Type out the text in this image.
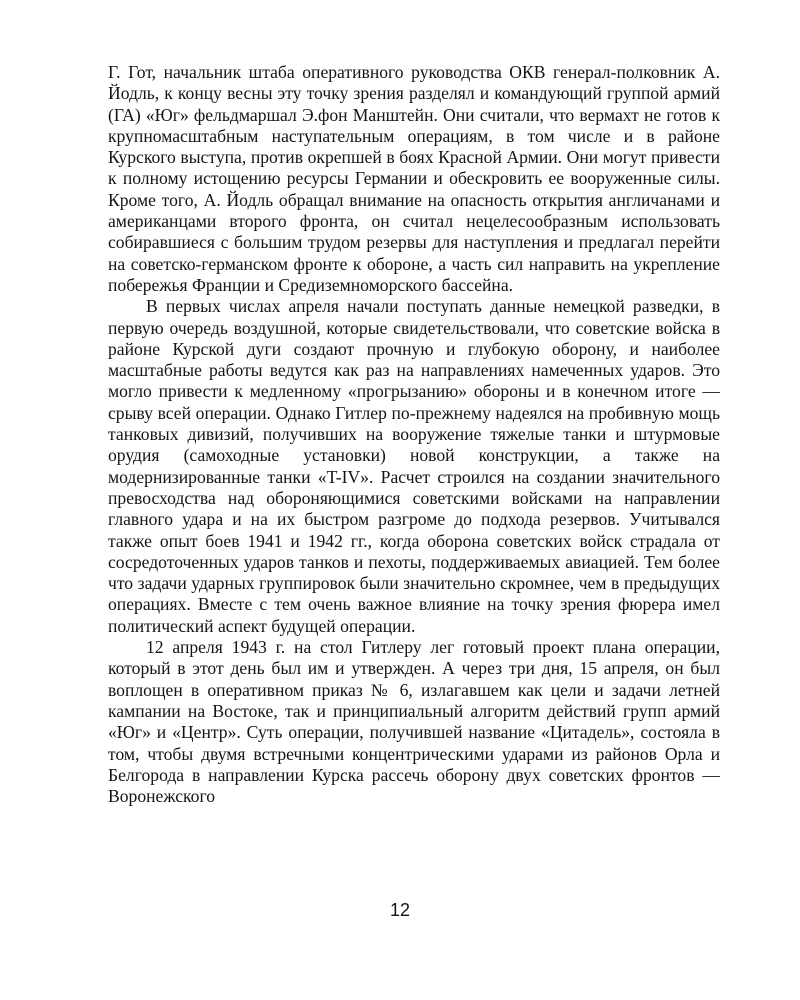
Г. Гот, начальник штаба оперативного руководства ОКВ генерал-полковник А. Йодль, к концу весны эту точку зрения разделял и командующий группой армий (ГА) «Юг» фельдмаршал Э.фон Манштейн. Они считали, что вермахт не готов к крупномасштабным наступательным операциям, в том числе и в районе Курского выступа, против окрепшей в боях Красной Армии. Они могут привести к полному истощению ресурсы Германии и обескровить ее вооруженные силы. Кроме того, А. Йодль обращал внимание на опасность открытия англичанами и американцами второго фронта, он считал нецелесообразным использовать собиравшиеся с большим трудом резервы для наступления и предлагал перейти на советско-германском фронте к обороне, а часть сил направить на укрепление побережья Франции и Средиземноморского бассейна.

В первых числах апреля начали поступать данные немецкой разведки, в первую очередь воздушной, которые свидетельствовали, что советские войска в районе Курской дуги создают прочную и глубокую оборону, и наиболее масштабные работы ведутся как раз на направлениях намеченных ударов. Это могло привести к медленному «прогрызанию» обороны и в конечном итоге — срыву всей операции. Однако Гитлер по-прежнему надеялся на пробивную мощь танковых дивизий, получивших на вооружение тяжелые танки и штурмовые орудия (самоходные установки) новой конструкции, а также на модернизированные танки «T-IV». Расчет строился на создании значительного превосходства над обороняющимися советскими войсками на направлении главного удара и на их быстром разгроме до подхода резервов. Учитывался также опыт боев 1941 и 1942 гг., когда оборона советских войск страдала от сосредоточенных ударов танков и пехоты, поддерживаемых авиацией. Тем более что задачи ударных группировок были значительно скромнее, чем в предыдущих операциях. Вместе с тем очень важное влияние на точку зрения фюрера имел политический аспект будущей операции.

12 апреля 1943 г. на стол Гитлеру лег готовый проект плана операции, который в этот день был им и утвержден. А через три дня, 15 апреля, он был воплощен в оперативном приказ № 6, излагавшем как цели и задачи летней кампании на Востоке, так и принципиальный алгоритм действий групп армий «Юг» и «Центр». Суть операции, получившей название «Цитадель», состояла в том, чтобы двумя встречными концентрическими ударами из районов Орла и Белгорода в направлении Курска рассечь оборону двух советских фронтов — Воронежского

12
